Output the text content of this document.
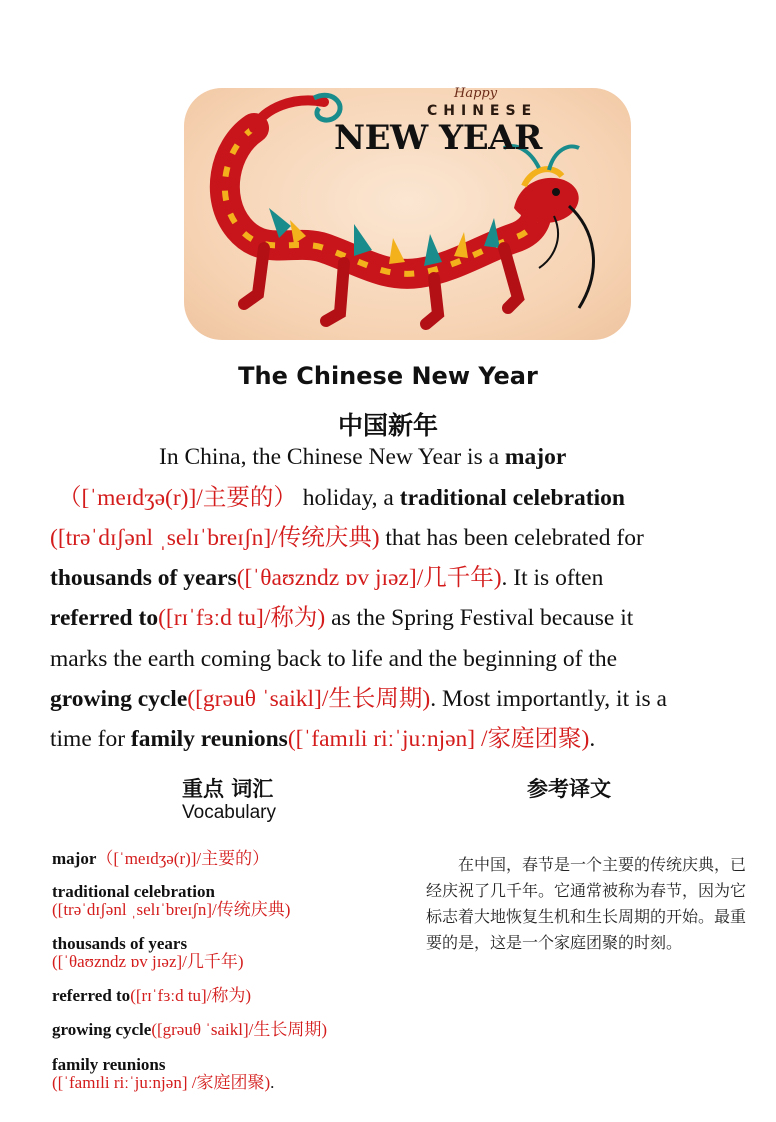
Happy
CHINESE
NEW YEAR
The Chinese New Year
中国新年
In China, the Chinese New Year is a major
（[ˈmeɪdʒə(r)]/主要的） holiday, a traditional celebration
([trəˈdɪʃənl ˌselɪˈbreɪʃn]/传统庆典) that has been celebrated for
thousands of years([ˈθaʊzndz ɒv jɪəz]/几千年). It is often
referred to([rɪˈfɜːd tu]/称为) as the Spring Festival because it
marks the earth coming back to life and the beginning of the
growing cycle([grəuθ ˈsaikl]/生长周期). Most importantly, it is a
time for family reunions([ˈfamɪli riːˈjuːnjən] /家庭团聚).
重点 词汇
Vocabulary
参考译文
major（[ˈmeɪdʒə(r)]/主要的）
traditional celebration
([trəˈdɪʃənl ˌselɪˈbreɪʃn]/传统庆典)
thousands of years
([ˈθaʊzndz ɒv jɪəz]/几千年)
referred to([rɪˈfɜːd tu]/称为)
growing cycle([grəuθ ˈsaikl]/生长周期)
family reunions
([ˈfamɪli riːˈjuːnjən] /家庭团聚).
在中国，春节是一个主要的传统庆典，已经庆祝了几千年。它通常被称为春节，因为它标志着大地恢复生机和生长周期的开始。最重要的是，这是一个家庭团聚的时刻。
